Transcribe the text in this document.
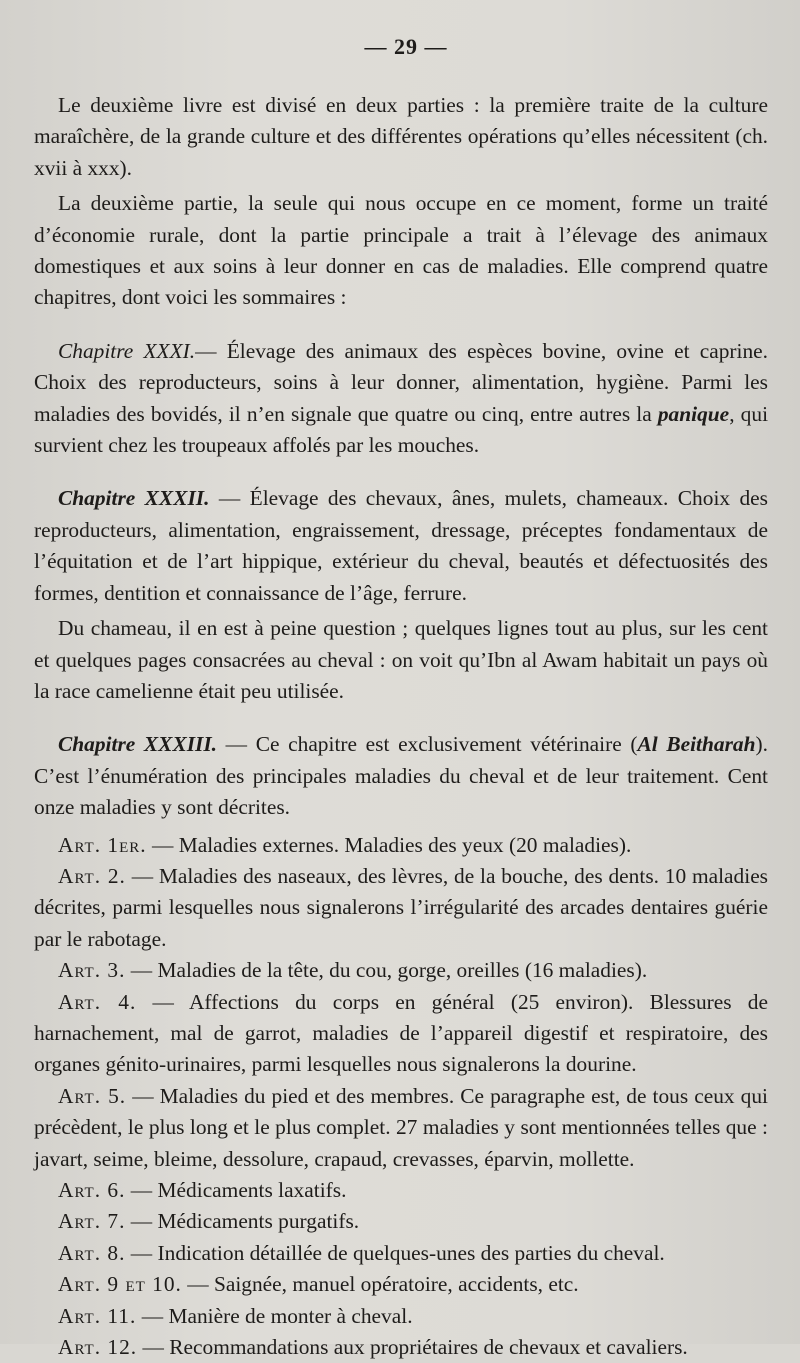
— 29 —

Le deuxième livre est divisé en deux parties : la première traite de la culture maraîchère, de la grande culture et des différentes opérations qu’elles nécessitent (ch. xvii à xxx).

La deuxième partie, la seule qui nous occupe en ce moment, forme un traité d’économie rurale, dont la partie principale a trait à l’élevage des animaux domestiques et aux soins à leur donner en cas de maladies. Elle comprend quatre chapitres, dont voici les sommaires :

Chapitre XXXI.— Élevage des animaux des espèces bovine, ovine et caprine. Choix des reproducteurs, soins à leur donner, alimentation, hygiène. Parmi les maladies des bovidés, il n’en signale que quatre ou cinq, entre autres la panique, qui survient chez les troupeaux affolés par les mouches.

Chapitre XXXII. — Élevage des chevaux, ânes, mulets, chameaux. Choix des reproducteurs, alimentation, engraissement, dressage, préceptes fondamentaux de l’équitation et de l’art hippique, extérieur du cheval, beautés et défectuosités des formes, dentition et connaissance de l’âge, ferrure.

Du chameau, il en est à peine question ; quelques lignes tout au plus, sur les cent et quelques pages consacrées au cheval : on voit qu’Ibn al Awam habitait un pays où la race camelienne était peu utilisée.

Chapitre XXXIII. — Ce chapitre est exclusivement vétérinaire (Al Beitharah). C’est l’énumération des principales maladies du cheval et de leur traitement. Cent onze maladies y sont décrites.

Art. 1er. — Maladies externes. Maladies des yeux (20 maladies).

Art. 2. — Maladies des naseaux, des lèvres, de la bouche, des dents. 10 maladies décrites, parmi lesquelles nous signalerons l’irrégularité des arcades dentaires guérie par le rabotage.

Art. 3. — Maladies de la tête, du cou, gorge, oreilles (16 maladies).

Art. 4. — Affections du corps en général (25 environ). Blessures de harnachement, mal de garrot, maladies de l’appareil digestif et respiratoire, des organes génito-urinaires, parmi lesquelles nous signalerons la dourine.

Art. 5. — Maladies du pied et des membres. Ce paragraphe est, de tous ceux qui précèdent, le plus long et le plus complet. 27 maladies y sont mentionnées telles que : javart, seime, bleime, dessolure, crapaud, crevasses, éparvin, mollette.

Art. 6. — Médicaments laxatifs.

Art. 7. — Médicaments purgatifs.

Art. 8. — Indication détaillée de quelques-unes des parties du cheval.

Art. 9 et 10. — Saignée, manuel opératoire, accidents, etc.

Art. 11. — Manière de monter à cheval.

Art. 12. — Recommandations aux propriétaires de chevaux et cavaliers.
